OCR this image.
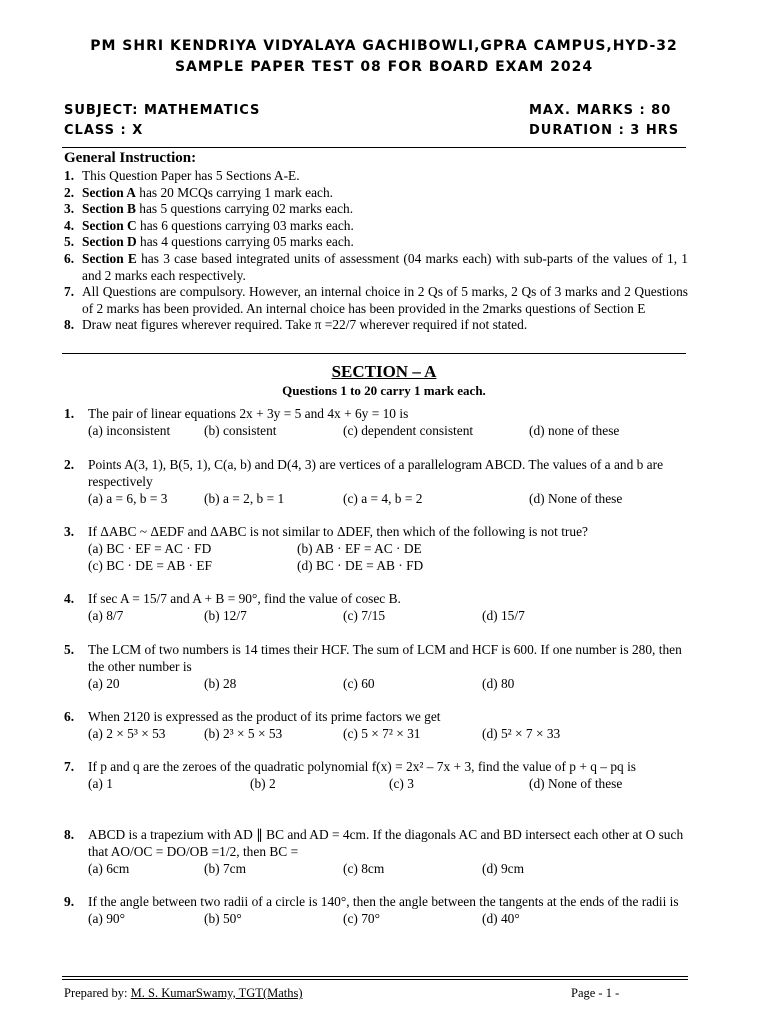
PM SHRI KENDRIYA VIDYALAYA GACHIBOWLI,GPRA CAMPUS,HYD-32
SAMPLE PAPER TEST 08 FOR BOARD EXAM 2024
SUBJECT: MATHEMATICS	MAX. MARKS : 80
CLASS : X	DURATION : 3 HRS
General Instruction:
1. This Question Paper has 5 Sections A-E.
2. Section A has 20 MCQs carrying 1 mark each.
3. Section B has 5 questions carrying 02 marks each.
4. Section C has 6 questions carrying 03 marks each.
5. Section D has 4 questions carrying 05 marks each.
6. Section E has 3 case based integrated units of assessment (04 marks each) with sub-parts of the values of 1, 1 and 2 marks each respectively.
7. All Questions are compulsory. However, an internal choice in 2 Qs of 5 marks, 2 Qs of 3 marks and 2 Questions of 2 marks has been provided. An internal choice has been provided in the 2marks questions of Section E
8. Draw neat figures wherever required. Take π =22/7 wherever required if not stated.
SECTION – A
Questions 1 to 20 carry 1 mark each.
1.	The pair of linear equations 2x + 3y = 5 and 4x + 6y = 10 is
(a) inconsistent	(b) consistent	(c) dependent consistent	(d) none of these
2.	Points A(3, 1), B(5, 1), C(a, b) and D(4, 3) are vertices of a parallelogram ABCD. The values of a and b are respectively
(a) a = 6, b = 3	(b) a = 2, b = 1	(c) a = 4, b = 2	(d) None of these
3.	If ΔABC ~ ΔEDF and ΔABC is not similar to ΔDEF, then which of the following is not true?
(a) BC · EF = AC · FD	(b) AB · EF = AC · DE
(c) BC · DE = AB · EF	(d) BC · DE = AB · FD
4.	If sec A = 15/7 and A + B = 90°, find the value of cosec B.
(a) 8/7	(b) 12/7	(c) 7/15	(d) 15/7
5.	The LCM of two numbers is 14 times their HCF. The sum of LCM and HCF is 600. If one number is 280, then the other number is
(a) 20	(b) 28	(c) 60	(d) 80
6.	When 2120 is expressed as the product of its prime factors we get
(a) 2 × 5³ × 53	(b) 2³ × 5 × 53	(c) 5 × 7² × 31	(d) 5² × 7 × 33
7.	If p and q are the zeroes of the quadratic polynomial f(x) = 2x² – 7x + 3, find the value of p + q – pq is
(a) 1	(b) 2	(c) 3	(d) None of these
8.	ABCD is a trapezium with AD ∥ BC and AD = 4cm. If the diagonals AC and BD intersect each other at O such that AO/OC = DO/OB =1/2, then BC =
(a) 6cm	(b) 7cm	(c) 8cm	(d) 9cm
9.	If the angle between two radii of a circle is 140°, then the angle between the tangents at the ends of the radii is
(a) 90°	(b) 50°	(c) 70°	(d) 40°
Prepared by: M. S. KumarSwamy, TGT(Maths)	Page - 1 -
